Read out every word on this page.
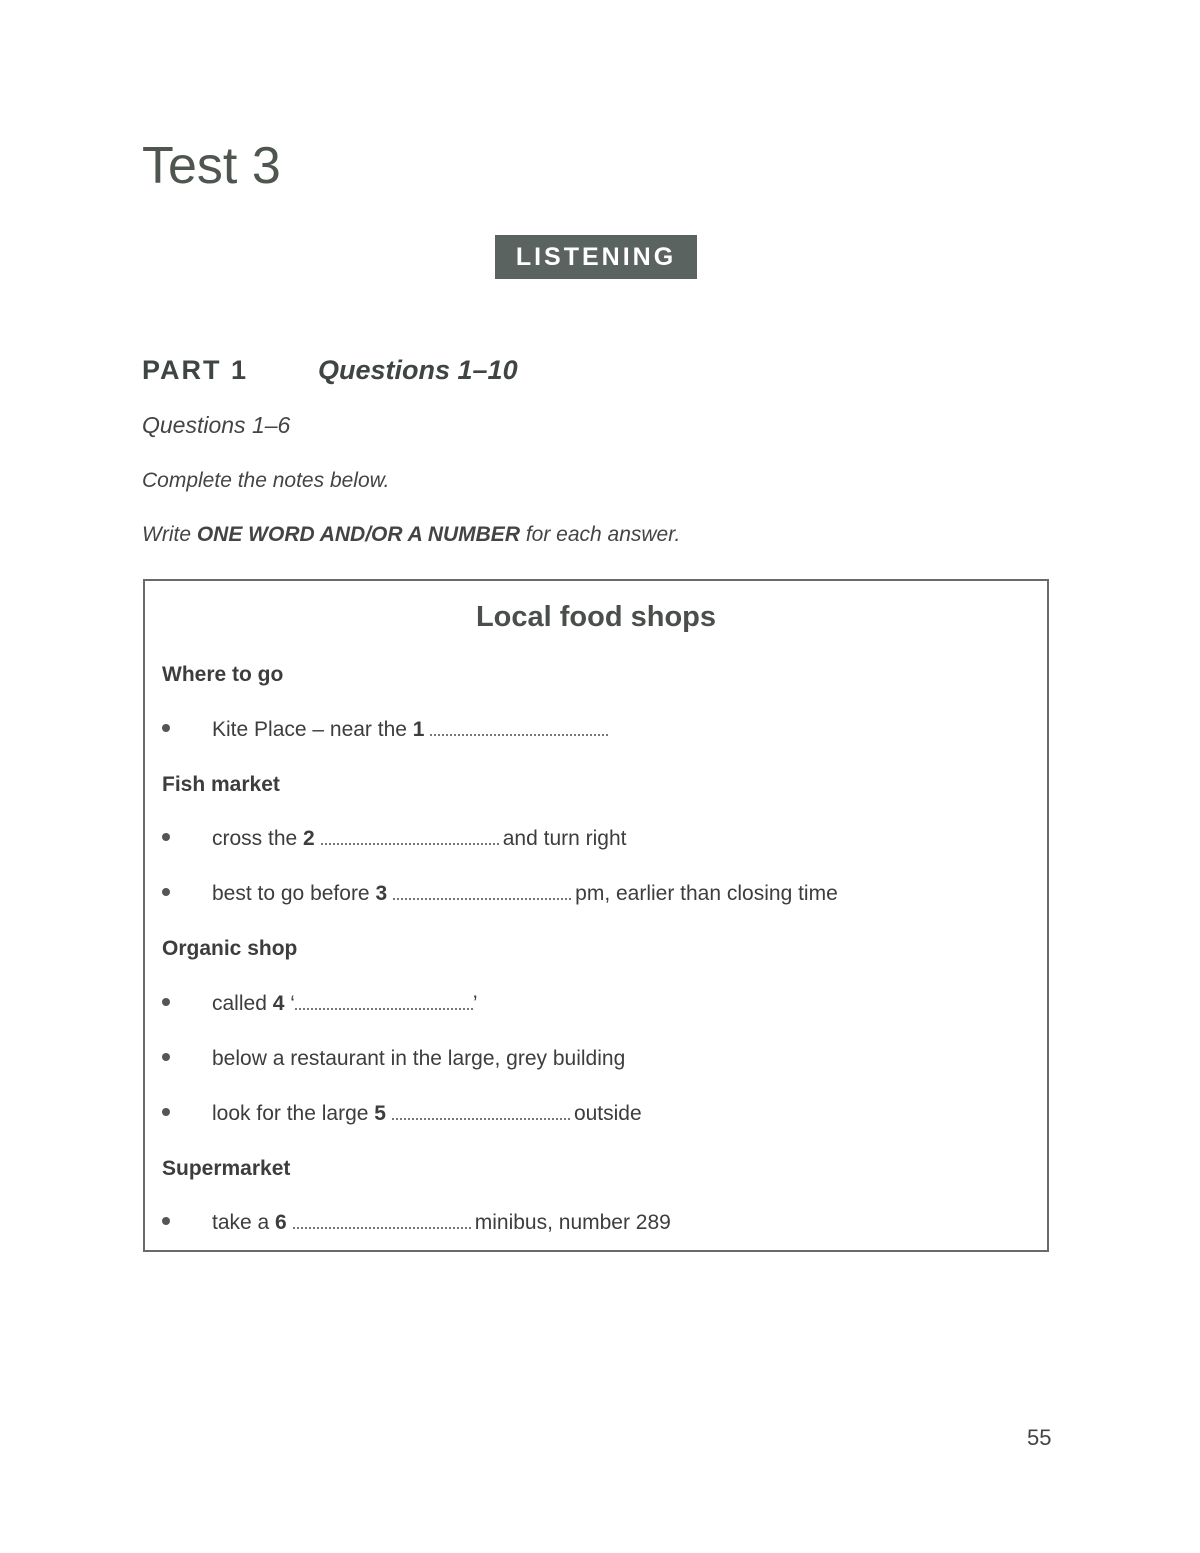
Test 3
LISTENING
PART 1	Questions 1–10
Questions 1–6
Complete the notes below.
Write ONE WORD AND/OR A NUMBER for each answer.
Local food shops
Where to go
Kite Place – near the 1
Fish market
cross the 2	and turn right
best to go before 3	pm, earlier than closing time
Organic shop
called 4 ‘	’
below a restaurant in the large, grey building
look for the large 5	outside
Supermarket
take a 6	minibus, number 289
55
